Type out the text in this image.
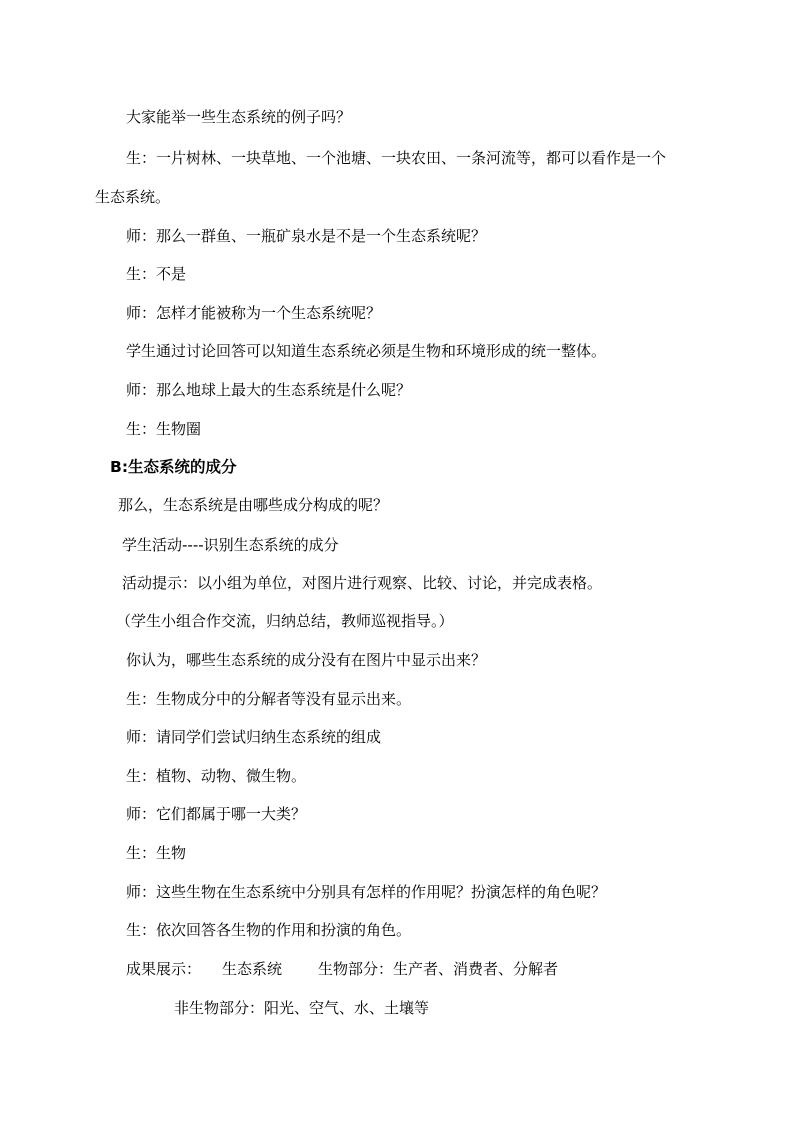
大家能举一些生态系统的例子吗？
生：一片树林、一块草地、一个池塘、一块农田、一条河流等，都可以看作是一个
生态系统。
师：那么一群鱼、一瓶矿泉水是不是一个生态系统呢？
生：不是
师：怎样才能被称为一个生态系统呢？
学生通过讨论回答可以知道生态系统必须是生物和环境形成的统一整体。
师：那么地球上最大的生态系统是什么呢？
生：生物圈
B:生态系统的成分
那么，生态系统是由哪些成分构成的呢？
学生活动----识别生态系统的成分
活动提示：以小组为单位，对图片进行观察、比较、讨论，并完成表格。
（学生小组合作交流，归纳总结，教师巡视指导。）
你认为，哪些生态系统的成分没有在图片中显示出来？
生：生物成分中的分解者等没有显示出来。
师：请同学们尝试归纳生态系统的组成
生：植物、动物、微生物。
师：它们都属于哪一大类？
生：生物
师：这些生物在生态系统中分别具有怎样的作用呢？扮演怎样的角色呢？
生：依次回答各生物的作用和扮演的角色。
成果展示： 生态系统 生物部分：生产者、消费者、分解者
非生物部分：阳光、空气、水、土壤等
